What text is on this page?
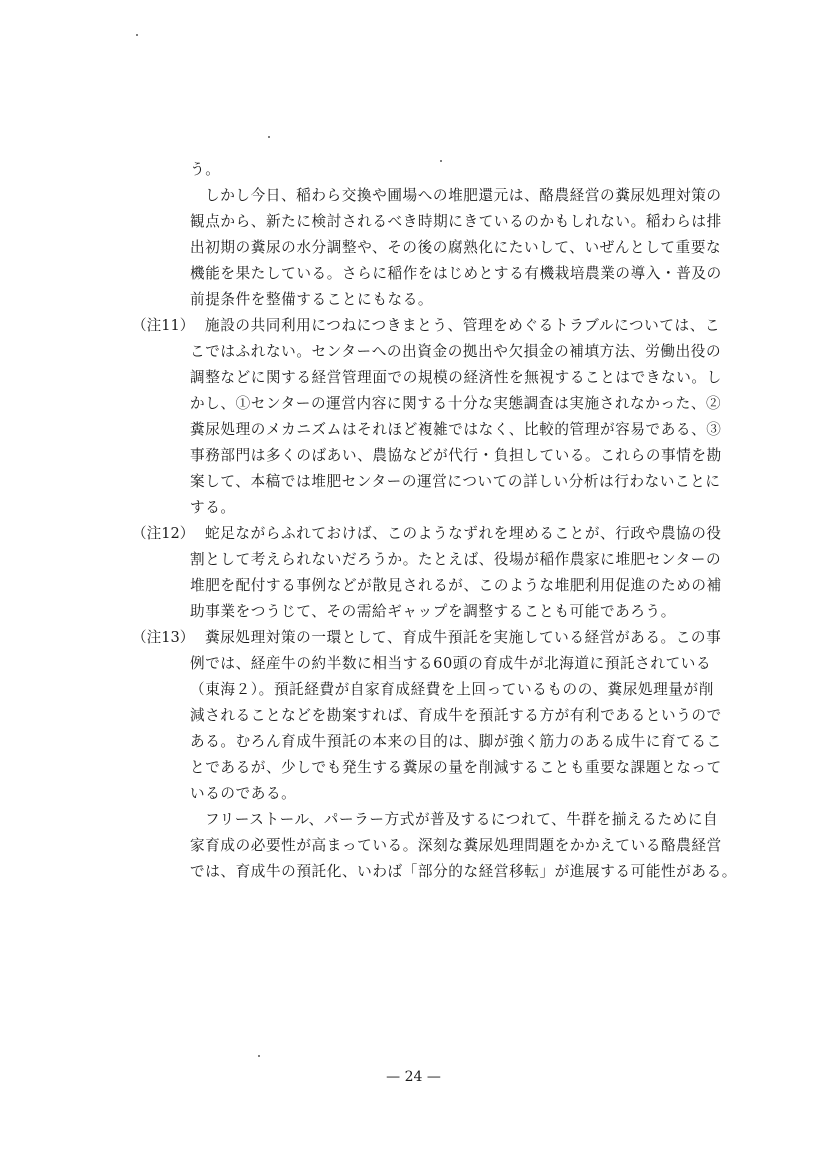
う。
しかし今日、稲わら交換や圃場への堆肥還元は、酪農経営の糞尿処理対策の
観点から、新たに検討されるべき時期にきているのかもしれない。稲わらは排
出初期の糞尿の水分調整や、その後の腐熟化にたいして、いぜんとして重要な
機能を果たしている。さらに稲作をはじめとする有機栽培農業の導入・普及の
前提条件を整備することにもなる。
（注11） 施設の共同利用につねにつきまとう、管理をめぐるトラブルについては、こ
こではふれない。センターへの出資金の拠出や欠損金の補填方法、労働出役の
調整などに関する経営管理面での規模の経済性を無視することはできない。し
かし、①センターの運営内容に関する十分な実態調査は実施されなかった、②
糞尿処理のメカニズムはそれほど複雑ではなく、比較的管理が容易である、③
事務部門は多くのばあい、農協などが代行・負担している。これらの事情を勘
案して、本稿では堆肥センターの運営についての詳しい分析は行わないことに
する。
（注12） 蛇足ながらふれておけば、このようなずれを埋めることが、行政や農協の役
割として考えられないだろうか。たとえば、役場が稲作農家に堆肥センターの
堆肥を配付する事例などが散見されるが、このような堆肥利用促進のための補
助事業をつうじて、その需給ギャップを調整することも可能であろう。
（注13） 糞尿処理対策の一環として、育成牛預託を実施している経営がある。この事
例では、経産牛の約半数に相当する60頭の育成牛が北海道に預託されている
（東海２）。預託経費が自家育成経費を上回っているものの、糞尿処理量が削
減されることなどを勘案すれば、育成牛を預託する方が有利であるというので
ある。むろん育成牛預託の本来の目的は、脚が強く筋力のある成牛に育てるこ
とであるが、少しでも発生する糞尿の量を削減することも重要な課題となって
いるのである。
フリーストール、パーラー方式が普及するにつれて、牛群を揃えるために自
家育成の必要性が高まっている。深刻な糞尿処理問題をかかえている酪農経営
では、育成牛の預託化、いわば「部分的な経営移転」が進展する可能性がある。
— 24 —
